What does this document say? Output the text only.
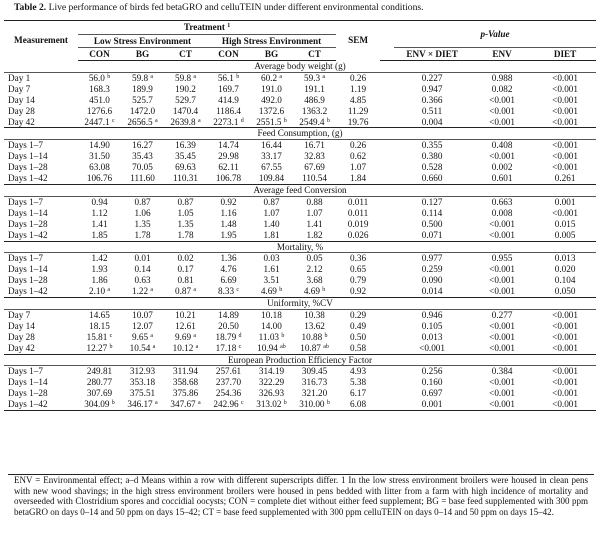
Table 2. Live performance of birds fed betaGRO and celluTEIN under different environmental conditions.
Measurement	Treatment $^1$						SEM		p-Value		
	Low Stress Environment			High Stress Environment							
	CON	BG	CT	CON	BG	CT			ENV × DIET	ENV	DIET
Average body weight (g)											
Day 1	56.0 $^b$	59.8 $^a$	59.8 $^a$	56.1 $^b$	60.2 $^a$	59.3 $^a$	0.26		0.227	0.988	<0.001
Day 7	168.3	189.9	190.2	169.7	191.0	191.1	1.19		0.947	0.082	<0.001
Day 14	451.0	525.7	529.7	414.9	492.0	486.9	4.85		0.366	<0.001	<0.001
Day 28	1276.6	1472.0	1470.4	1186.4	1372.6	1363.2	11.29		0.511	<0.001	<0.001
Day 42	2447.1 $^c$	2656.5 $^a$	2639.8 $^a$	2273.1 $^d$	2551.5 $^b$	2549.4 $^b$	19.76		0.004	<0.001	<0.001
Feed Consumption, (g)											
Days 1–7	14.90	16.27	16.39	14.74	16.44	16.71	0.26		0.355	0.408	<0.001
Days 1–14	31.50	35.43	35.45	29.98	33.17	32.83	0.62		0.380	<0.001	<0.001
Days 1–28	63.08	70.05	69.63	62.11	67.55	67.69	1.07		0.528	0.002	<0.001
Days 1–42	106.76	111.60	110.31	106.78	109.84	110.54	1.84		0.660	0.601	0.261
Average feed Conversion											
Days 1–7	0.94	0.87	0.87	0.92	0.87	0.88	0.011		0.127	0.663	0.001
Days 1–14	1.12	1.06	1.05	1.16	1.07	1.07	0.011		0.114	0.008	<0.001
Days 1–28	1.41	1.35	1.35	1.48	1.40	1.41	0.019		0.500	<0.001	0.015
Days 1–42	1.85	1.78	1.78	1.95	1.81	1.82	0.026		0.071	<0.001	0.005
Mortality, %											
Days 1–7	1.42	0.01	0.02	1.36	0.03	0.05	0.36		0.977	0.955	0.013
Days 1–14	1.93	0.14	0.17	4.76	1.61	2.12	0.65		0.259	<0.001	0.020
Days 1–28	1.86	0.63	0.81	6.69	3.51	3.68	0.79		0.090	<0.001	0.104
Days 1–42	2.10 $^a$	1.22 $^a$	0.87 $^a$	8.33 $^c$	4.69 $^b$	4.69 $^b$	0.92		0.014	<0.001	0.050
Uniformity, %CV											
Day 7	14.65	10.07	10.21	14.89	10.18	10.38	0.29		0.946	0.277	<0.001
Day 14	18.15	12.07	12.61	20.50	14.00	13.62	0.49		0.105	<0.001	<0.001
Day 28	15.81 $^c$	9.65 $^a$	9.69 $^a$	18.79 $^d$	11.03 $^b$	10.88 $^b$	0.50		0.013	<0.001	<0.001
Day 42	12.27 $^b$	10.54 $^a$	10.12 $^a$	17.18 $^c$	10.94 $^{ab}$	10.87 $^{ab}$	0.58		<0.001	<0.001	<0.001
European Production Efficiency Factor											
Days 1–7	249.81	312.93	311.94	257.61	314.19	309.45	4.93		0.256	0.384	<0.001
Days 1–14	280.77	353.18	358.68	237.70	322.29	316.73	5.38		0.160	<0.001	<0.001
Days 1–28	307.69	375.51	375.86	254.36	326.93	321.20	6.17		0.697	<0.001	<0.001
Days 1–42	304.09 $^b$	346.17 $^a$	347.67 $^a$	242.96 $^c$	313.02 $^b$	310.00 $^b$	6.08		0.001	<0.001	<0.001

ENV = Environmental effect; a–d Means within a row with different superscripts differ. 1 In the low stress environment broilers were housed in clean pens with new wood shavings; in the high stress environment broilers were housed in pens bedded with litter from a farm with high incidence of mortality and overseeded with Clostridium spores and coccidial oocysts; CON = complete diet without either feed supplement; BG = base feed supplemented with 300 ppm betaGRO on days 0–14 and 50 ppm on days 15–42; CT = base feed supplemented with 300 ppm celluTEIN on days 0–14 and 50 ppm on days 15–42.
